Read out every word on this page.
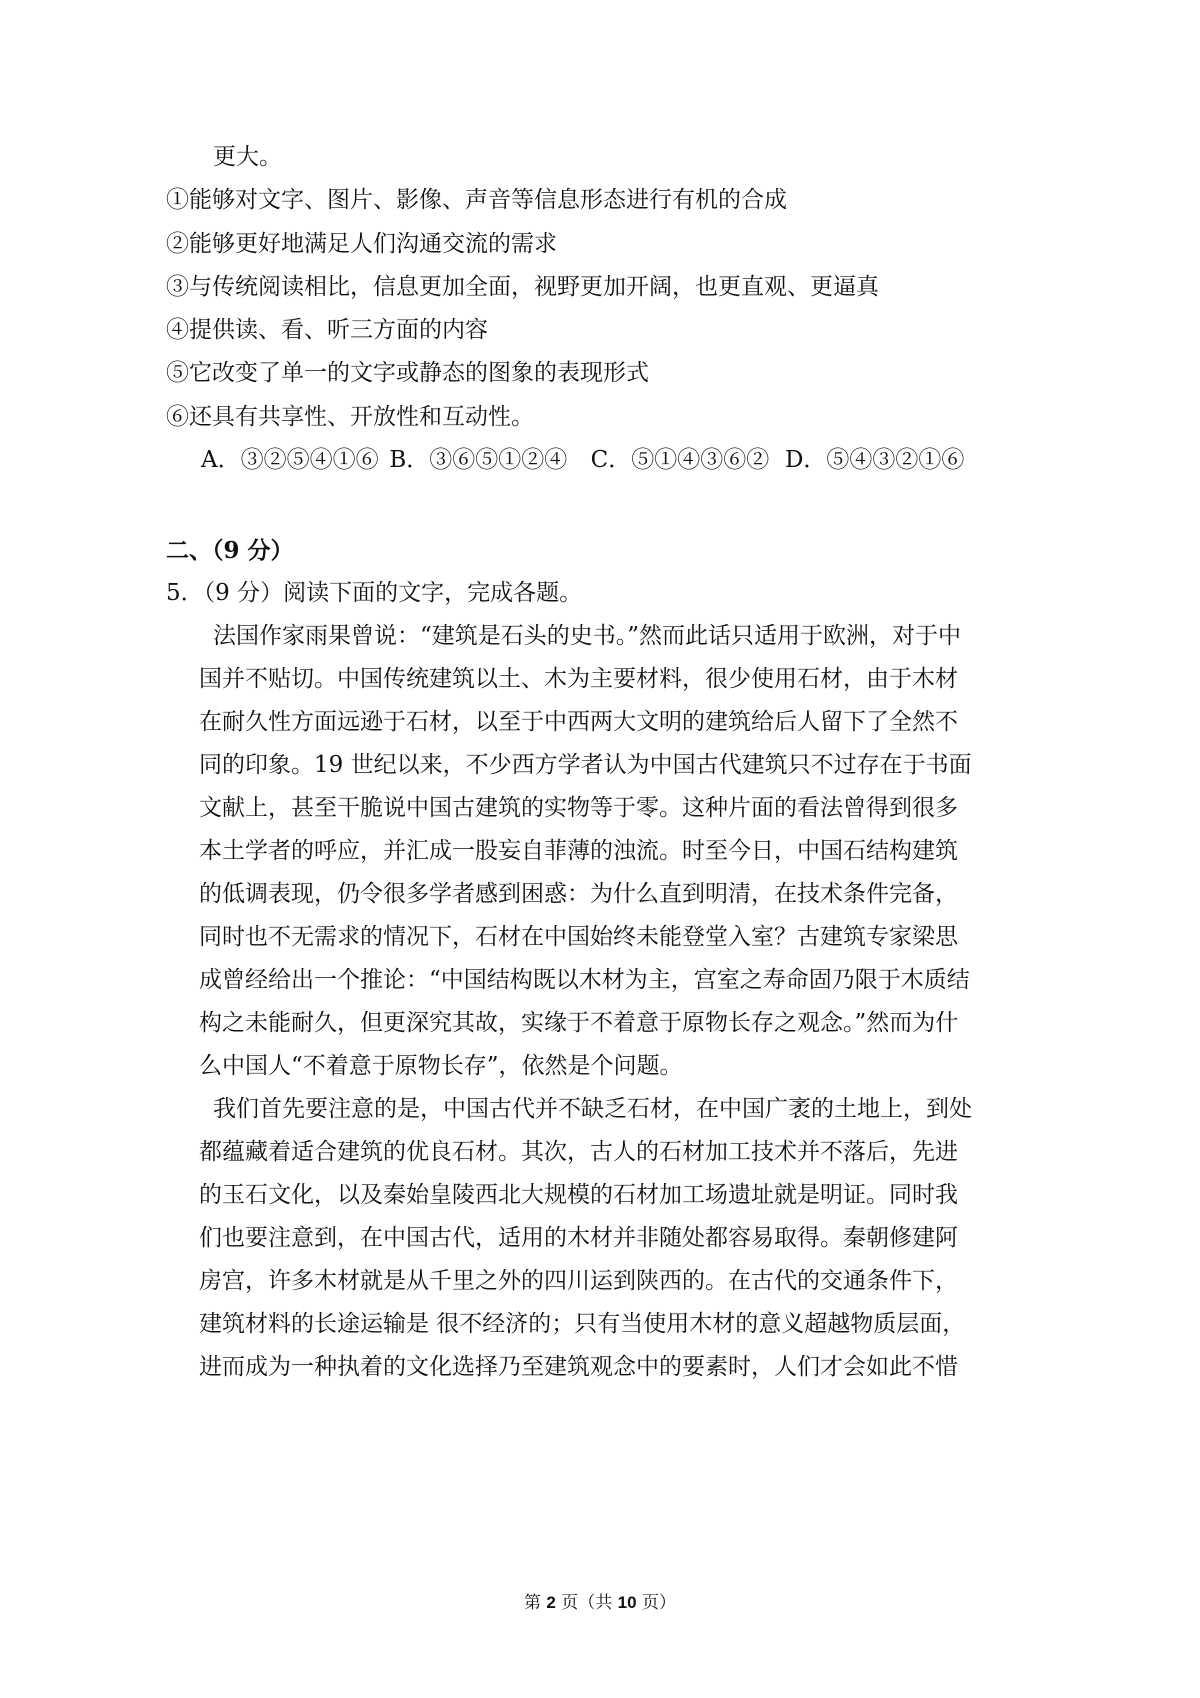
更大。
①能够对文字、图片、影像、声音等信息形态进行有机的合成
②能够更好地满足人们沟通交流的需求
③与传统阅读相比，信息更加全面，视野更加开阔，也更直观、更逼真
④提供读、看、听三方面的内容
⑤它改变了单一的文字或静态的图象的表现形式
⑥还具有共享性、开放性和互动性。
A．③②⑤④①⑥ B．③⑥⑤①②④ C．⑤①④③⑥② D．⑤④③②①⑥
二、（9 分）
5．（9 分）阅读下面的文字，完成各题。
法国作家雨果曾说：“建筑是石头的史书。”然而此话只适用于欧洲，对于中
国并不贴切。中国传统建筑以土、木为主要材料，很少使用石材，由于木材
在耐久性方面远逊于石材，以至于中西两大文明的建筑给后人留下了全然不
同的印象。19 世纪以来，不少西方学者认为中国古代建筑只不过存在于书面
文献上，甚至干脆说中国古建筑的实物等于零。这种片面的看法曾得到很多
本土学者的呼应，并汇成一股妄自菲薄的浊流。时至今日，中国石结构建筑
的低调表现，仍令很多学者感到困惑：为什么直到明清，在技术条件完备，
同时也不无需求的情况下，石材在中国始终未能登堂入室？古建筑专家梁思
成曾经给出一个推论：“中国结构既以木材为主，宫室之寿命固乃限于木质结
构之未能耐久，但更深究其故，实缘于不着意于原物长存之观念。”然而为什
么中国人“不着意于原物长存”，依然是个问题。
我们首先要注意的是，中国古代并不缺乏石材，在中国广袤的土地上，到处
都蕴藏着适合建筑的优良石材。其次，古人的石材加工技术并不落后，先进
的玉石文化，以及秦始皇陵西北大规模的石材加工场遗址就是明证。同时我
们也要注意到，在中国古代，适用的木材并非随处都容易取得。秦朝修建阿
房宫，许多木材就是从千里之外的四川运到陕西的。在古代的交通条件下，
建筑材料的长途运输是 很不经济的；只有当使用木材的意义超越物质层面，
进而成为一种执着的文化选择乃至建筑观念中的要素时，人们才会如此不惜
第 2 页（共 10 页）
